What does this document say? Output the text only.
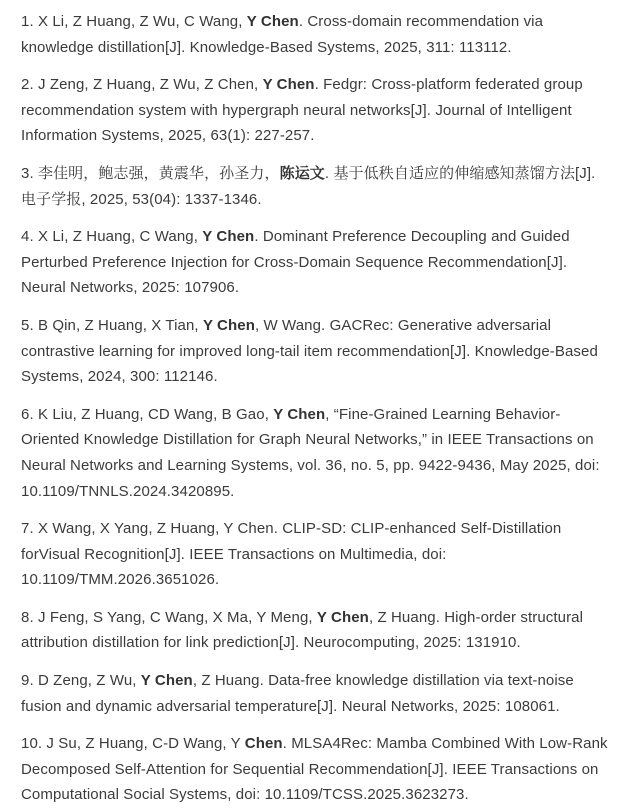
1. X Li, Z Huang, Z Wu, C Wang, Y Chen. Cross-domain recommendation via knowledge distillation[J]. Knowledge-Based Systems, 2025, 311: 113112.

2. J Zeng, Z Huang, Z Wu, Z Chen, Y Chen. Fedgr: Cross-platform federated group recommendation system with hypergraph neural networks[J]. Journal of Intelligent Information Systems, 2025, 63(1): 227-257.

3. 李佳明，鲍志强，黄震华，孙圣力，陈运文. 基于低秩自适应的伸缩感知蒸馏方法[J]. 电子学报, 2025, 53(04): 1337-1346.

4. X Li, Z Huang, C Wang, Y Chen. Dominant Preference Decoupling and Guided Perturbed Preference Injection for Cross-Domain Sequence Recommendation[J]. Neural Networks, 2025: 107906.

5. B Qin, Z Huang, X Tian, Y Chen, W Wang. GACRec: Generative adversarial contrastive learning for improved long-tail item recommendation[J]. Knowledge-Based Systems, 2024, 300: 112146.

6. K Liu, Z Huang, CD Wang, B Gao, Y Chen, “Fine-Grained Learning Behavior-Oriented Knowledge Distillation for Graph Neural Networks,” in IEEE Transactions on Neural Networks and Learning Systems, vol. 36, no. 5, pp. 9422-9436, May 2025, doi: 10.1109/TNNLS.2024.3420895.

7. X Wang, X Yang, Z Huang, Y Chen. CLIP-SD: CLIP-enhanced Self-Distillation forVisual Recognition[J]. IEEE Transactions on Multimedia, doi: 10.1109/TMM.2026.3651026.

8. J Feng, S Yang, C Wang, X Ma, Y Meng, Y Chen, Z Huang. High-order structural attribution distillation for link prediction[J]. Neurocomputing, 2025: 131910.

9. D Zeng, Z Wu, Y Chen, Z Huang. Data-free knowledge distillation via text-noise fusion and dynamic adversarial temperature[J]. Neural Networks, 2025: 108061.

10. J Su, Z Huang, C-D Wang, Y Chen. MLSA4Rec: Mamba Combined With Low-Rank Decomposed Self-Attention for Sequential Recommendation[J]. IEEE Transactions on Computational Social Systems, doi: 10.1109/TCSS.2025.3623273.
